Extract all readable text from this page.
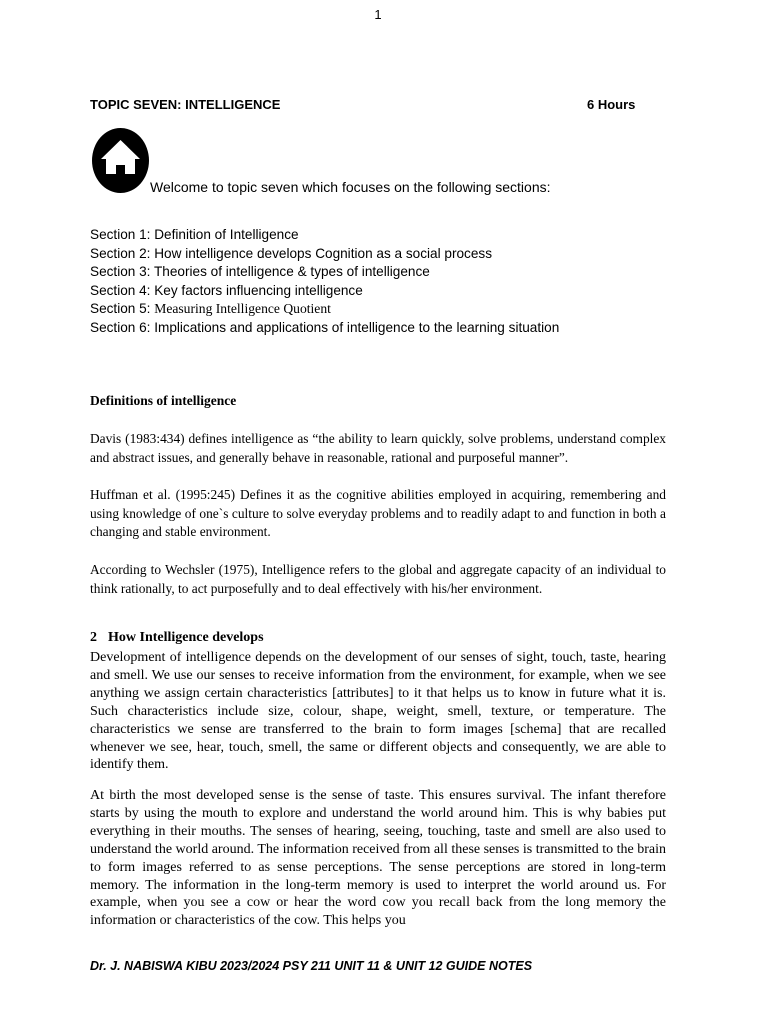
1
TOPIC SEVEN: INTELLIGENCE	6 Hours
Welcome to topic seven which focuses on the following sections:
Section 1: Definition of Intelligence
Section 2: How intelligence develops Cognition as a social process
Section 3: Theories of intelligence & types of intelligence
Section 4: Key factors influencing intelligence
Section 5: Measuring Intelligence Quotient
Section 6: Implications and applications of intelligence to the learning situation
Definitions of intelligence

Davis (1983:434) defines intelligence as “the ability to learn quickly, solve problems, understand complex and abstract issues, and generally behave in reasonable, rational and purposeful manner”.

Huffman et al. (1995:245) Defines it as the cognitive abilities employed in acquiring, remembering and using knowledge of one`s culture to solve everyday problems and to readily adapt to and function in both a changing and stable environment.

According to Wechsler (1975), Intelligence refers to the global and aggregate capacity of an individual to think rationally, to act purposefully and to deal effectively with his/her environment.

2 How Intelligence develops

Development of intelligence depends on the development of our senses of sight, touch, taste, hearing and smell. We use our senses to receive information from the environment, for example, when we see anything we assign certain characteristics [attributes] to it that helps us to know in future what it is. Such characteristics include size, colour, shape, weight, smell, texture, or temperature. The characteristics we sense are transferred to the brain to form images [schema] that are recalled whenever we see, hear, touch, smell, the same or different objects and consequently, we are able to identify them.

At birth the most developed sense is the sense of taste. This ensures survival. The infant therefore starts by using the mouth to explore and understand the world around him. This is why babies put everything in their mouths. The senses of hearing, seeing, touching, taste and smell are also used to understand the world around. The information received from all these senses is transmitted to the brain to form images referred to as sense perceptions. The sense perceptions are stored in long-term memory. The information in the long-term memory is used to interpret the world around us. For example, when you see a cow or hear the word cow you recall back from the long memory the information or characteristics of the cow. This helps you

Dr. J. NABISWA KIBU 2023/2024 PSY 211 UNIT 11 & UNIT 12 GUIDE NOTES
